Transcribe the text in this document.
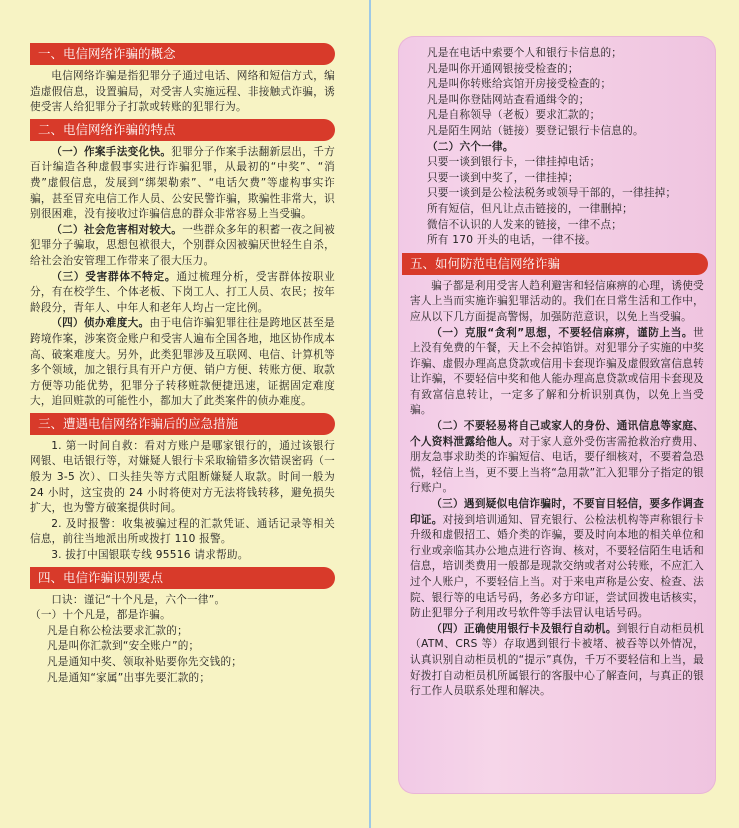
一、电信网络诈骗的概念

电信网络诈骗是指犯罪分子通过电话、网络和短信方式，编造虚假信息，设置骗局，对受害人实施远程、非接触式诈骗，诱使受害人给犯罪分子打款或转账的犯罪行为。

二、电信网络诈骗的特点

（一）作案手法变化快。犯罪分子作案手法翻新层出，千方百计编造各种虚假事实进行诈骗犯罪，从最初的“中奖”、“消费”虚假信息，发展到“绑架勒索”、“电话欠费”等虚构事实诈骗，甚至冒充电信工作人员、公安民警诈骗，欺骗性非常大，识别很困难，没有接收过诈骗信息的群众非常容易上当受骗。

（二）社会危害相对较大。一些群众多年的积蓄一夜之间被犯罪分子骗取，思想包袱很大，个别群众因被骗厌世轻生自杀，给社会治安管理工作带来了很大压力。

（三）受害群体不特定。通过梳理分析，受害群体按职业分，有在校学生、个体老板、下岗工人、打工人员、农民；按年龄段分，青年人、中年人和老年人均占一定比例。

（四）侦办难度大。由于电信诈骗犯罪往往是跨地区甚至是跨境作案，涉案资金账户和受害人遍布全国各地，地区协作成本高、破案难度大。另外，此类犯罪涉及互联网、电信、计算机等多个领域，加之银行具有开户方便、销户方便、转账方便、取款方便等功能优势，犯罪分子转移赃款便捷迅速，证据固定难度大，追回赃款的可能性小，都加大了此类案件的侦办难度。

三、遭遇电信网络诈骗后的应急措施

1. 第一时间自救：看对方账户是哪家银行的，通过该银行网银、电话银行等，对嫌疑人银行卡采取输错多次错误密码（一般为 3-5 次）、口头挂失等方式阻断嫌疑人取款。时间一般为 24 小时，这宝贵的 24 小时将使对方无法将钱转移，避免损失扩大，也为警方破案提供时间。

2. 及时报警：收集被骗过程的汇款凭证、通话记录等相关信息，前往当地派出所或拨打 110 报警。

3. 拔打中国银联专线 95516 请求帮助。

四、电信诈骗识别要点

口诀：谨记“十个凡是，六个一律”。

（一）十个凡是，都是诈骗。

凡是自称公检法要求汇款的；

凡是叫你汇款到“安全账户”的；

凡是通知中奖、领取补贴要你先交钱的；

凡是通知“家属”出事先要汇款的；

凡是在电话中索要个人和银行卡信息的；

凡是叫你开通网银接受检查的；

凡是叫你转账给宾馆开房接受检查的；

凡是叫你登陆网站查看通缉令的；

凡是自称领导（老板）要求汇款的；

凡是陌生网站（链接）要登记银行卡信息的。

（二）六个一律。

只要一谈到银行卡，一律挂掉电话；

只要一谈到中奖了，一律挂掉；

只要一谈到是公检法税务或领导干部的，一律挂掉；

所有短信，但凡让点击链接的，一律删掉；

微信不认识的人发来的链接，一律不点；

所有 170 开头的电话，一律不接。

五、如何防范电信网络诈骗

骗子都是利用受害人趋利避害和轻信麻痹的心理，诱使受害人上当而实施诈骗犯罪活动的。我们在日常生活和工作中，应从以下几方面提高警惕，加强防范意识，以免上当受骗。

（一）克服“贪利”思想，不要轻信麻痹，谨防上当。世上没有免费的午餐，天上不会掉馅饼。对犯罪分子实施的中奖诈骗、虚假办理高息贷款或信用卡套现诈骗及虚假致富信息转让诈骗，不要轻信中奖和他人能办理高息贷款或信用卡套现及有致富信息转让，一定多了解和分析识别真伪，以免上当受骗。

（二）不要轻易将自己或家人的身份、通讯信息等家庭、个人资料泄露给他人。对于家人意外受伤害需抢救治疗费用、朋友急事求助类的诈骗短信、电话，要仔细核对，不要着急恐慌，轻信上当，更不要上当将“急用款”汇入犯罪分子指定的银行账户。

（三）遇到疑似电信诈骗时，不要盲目轻信，要多作调查印证。对接到培训通知、冒充银行、公检法机构等声称银行卡升级和虚假招工、婚介类的诈骗，要及时向本地的相关单位和行业或亲临其办公地点进行咨询、核对，不要轻信陌生电话和信息，培训类费用一般都是现款交纳或者对公转账，不应汇入过个人账户，不要轻信上当。对于来电声称是公安、检查、法院、银行等的电话号码，务必多方印证，尝试回拨电话核实，防止犯罪分子利用改号软件等手法冒认电话号码。

（四）正确使用银行卡及银行自动机。到银行自动柜员机（ATM、CRS 等）存取遇到银行卡被堵、被吞等以外情况，认真识别自动柜员机的“提示”真伪，千万不要轻信和上当，最好拨打自动柜员机所属银行的客服中心了解查问，与真正的银行工作人员联系处理和解决。
